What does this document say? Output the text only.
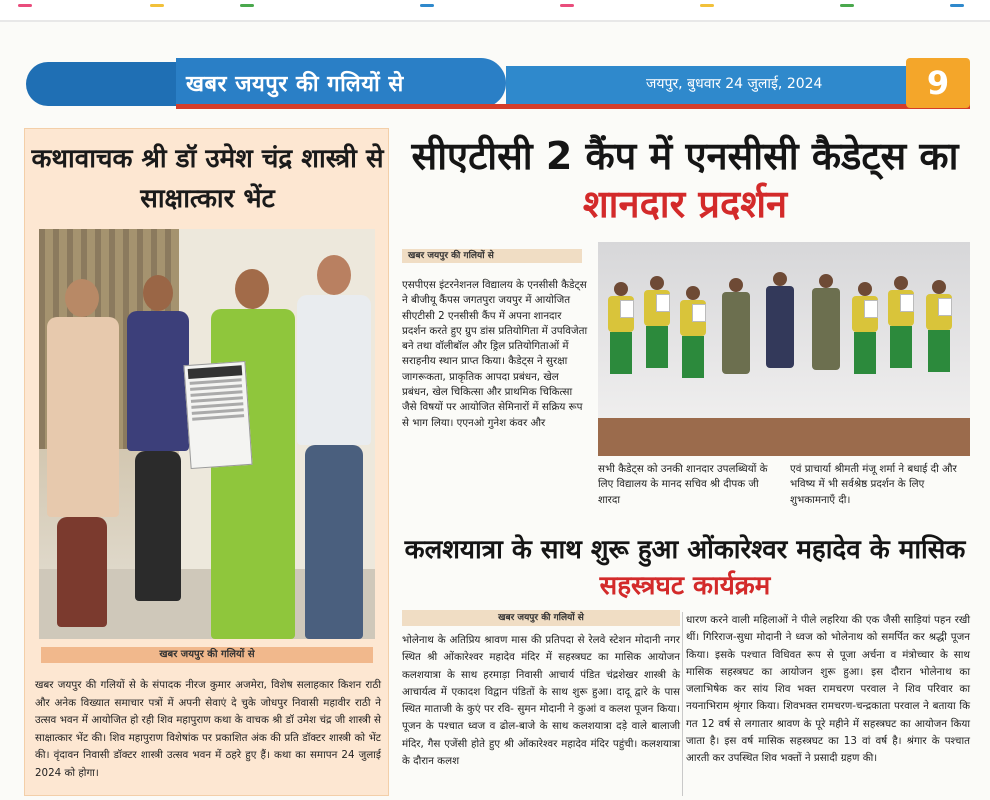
खबर जयपुर की गलियों से	जयपुर, बुधवार 24 जुलाई, 2024	9
कथावाचक श्री डॉ उमेश चंद्र शास्त्री से साक्षात्कार भेंट
खबर जयपुर की गलियों से
खबर जयपुर की गलियों से के संपादक नीरज कुमार अजमेरा, विशेष सलाहकार किशन राठी और अनेक विख्यात समाचार पत्रों में अपनी सेवाएं दे चुके जोधपुर निवासी महावीर राठी ने उत्सव भवन में आयोजित हो रही शिव महापुराण कथा के वाचक श्री डॉ उमेश चंद्र जी शास्त्री से साक्षात्कार भेंट की। शिव महापुराण विशेषांक पर प्रकाशित अंक की प्रति डॉक्टर शास्त्री को भेंट की। वृंदावन निवासी डॉक्टर शास्त्री उत्सव भवन में ठहरे हुए हैं। कथा का समापन 24 जुलाई 2024 को होगा।
सीएटीसी 2 कैंप में एनसीसी कैडेट्स का शानदार प्रदर्शन
खबर जयपुर की गलियों से
एसपीएस इंटरनेशनल विद्यालय के एनसीसी कैडेट्स ने बीजीयू कैंपस जगतपुरा जयपुर में आयोजित सीएटीसी 2 एनसीसी कैंप में अपना शानदार प्रदर्शन करते हुए ग्रुप डांस प्रतियोगिता में उपविजेता बने तथा वॉलीबॉल और ड्रिल प्रतियोगिताओं में सराहनीय स्थान प्राप्त किया। कैडेट्स ने सुरक्षा जागरूकता, प्राकृतिक आपदा प्रबंधन, खेल प्रबंधन, खेल चिकित्सा और प्राथमिक चिकित्सा जैसे विषयों पर आयोजित सेमिनारों में सक्रिय रूप से भाग लिया। एएनओ गुनेश कंवर और
सभी कैडेट्स को उनकी शानदार उपलब्धियों के लिए विद्यालय के मानद सचिव श्री दीपक जी शारदा
एवं प्राचार्या श्रीमती मंजू शर्मा ने बधाई दी और भविष्य में भी सर्वश्रेष्ठ प्रदर्शन के लिए शुभकामनाएँ दी।
कलशयात्रा के साथ शुरू हुआ ओंकारेश्वर महादेव के मासिक सहस्त्रघट कार्यक्रम
खबर जयपुर की गलियों से
भोलेनाथ के अतिप्रिय श्रावण मास की प्रतिपदा से रेलवे स्टेशन मोदानी नगर स्थित श्री ओंकारेश्वर महादेव मंदिर में सहस्त्रघट का मासिक आयोजन कलशयात्रा के साथ हरमाड़ा निवासी आचार्य पंडित चंद्रशेखर शास्त्री के आचार्यत्व में एकादश विद्वान पंडितों के साथ शुरू हुआ। दादू द्वारे के पास स्थित माताजी के कुएं पर रवि- सुमन मोदानी ने कुआं व कलश पूजन किया। पूजन के पश्चात ध्वज व ढोल-बाजे के साथ कलशयात्रा दड़े वाले बालाजी मंदिर, गैस एजेंसी होते हुए श्री ओंकारेश्वर महादेव मंदिर पहुंची। कलशयात्रा के दौरान कलश
धारण करने वाली महिलाओं ने पीले लहरिया की एक जैसी साड़ियां पहन रखी थीं। गिरिराज-सुधा मोदानी ने ध्वज को भोलेनाथ को समर्पित कर श्रद्धी पूजन किया। इसके पश्चात विधिवत रूप से पूजा अर्चना व मंत्रोच्चार के साथ मासिक सहस्त्रघट का आयोजन शुरू हुआ। इस दौरान भोलेनाथ का जलाभिषेक कर सांय शिव भक्त रामचरण परवाल ने शिव परिवार का नयनाभिराम श्रृंगार किया। शिवभक्त रामचरण-चन्द्रकाता परवाल ने बताया कि गत 12 वर्ष से लगातार श्रावण के पूरे महीने में सहस्त्रघट का आयोजन किया जाता है। इस वर्ष मासिक सहस्त्रघट का 13 वां वर्ष है। श्रंगार के पश्चात आरती कर उपस्थित शिव भक्तों ने प्रसादी ग्रहण की।
